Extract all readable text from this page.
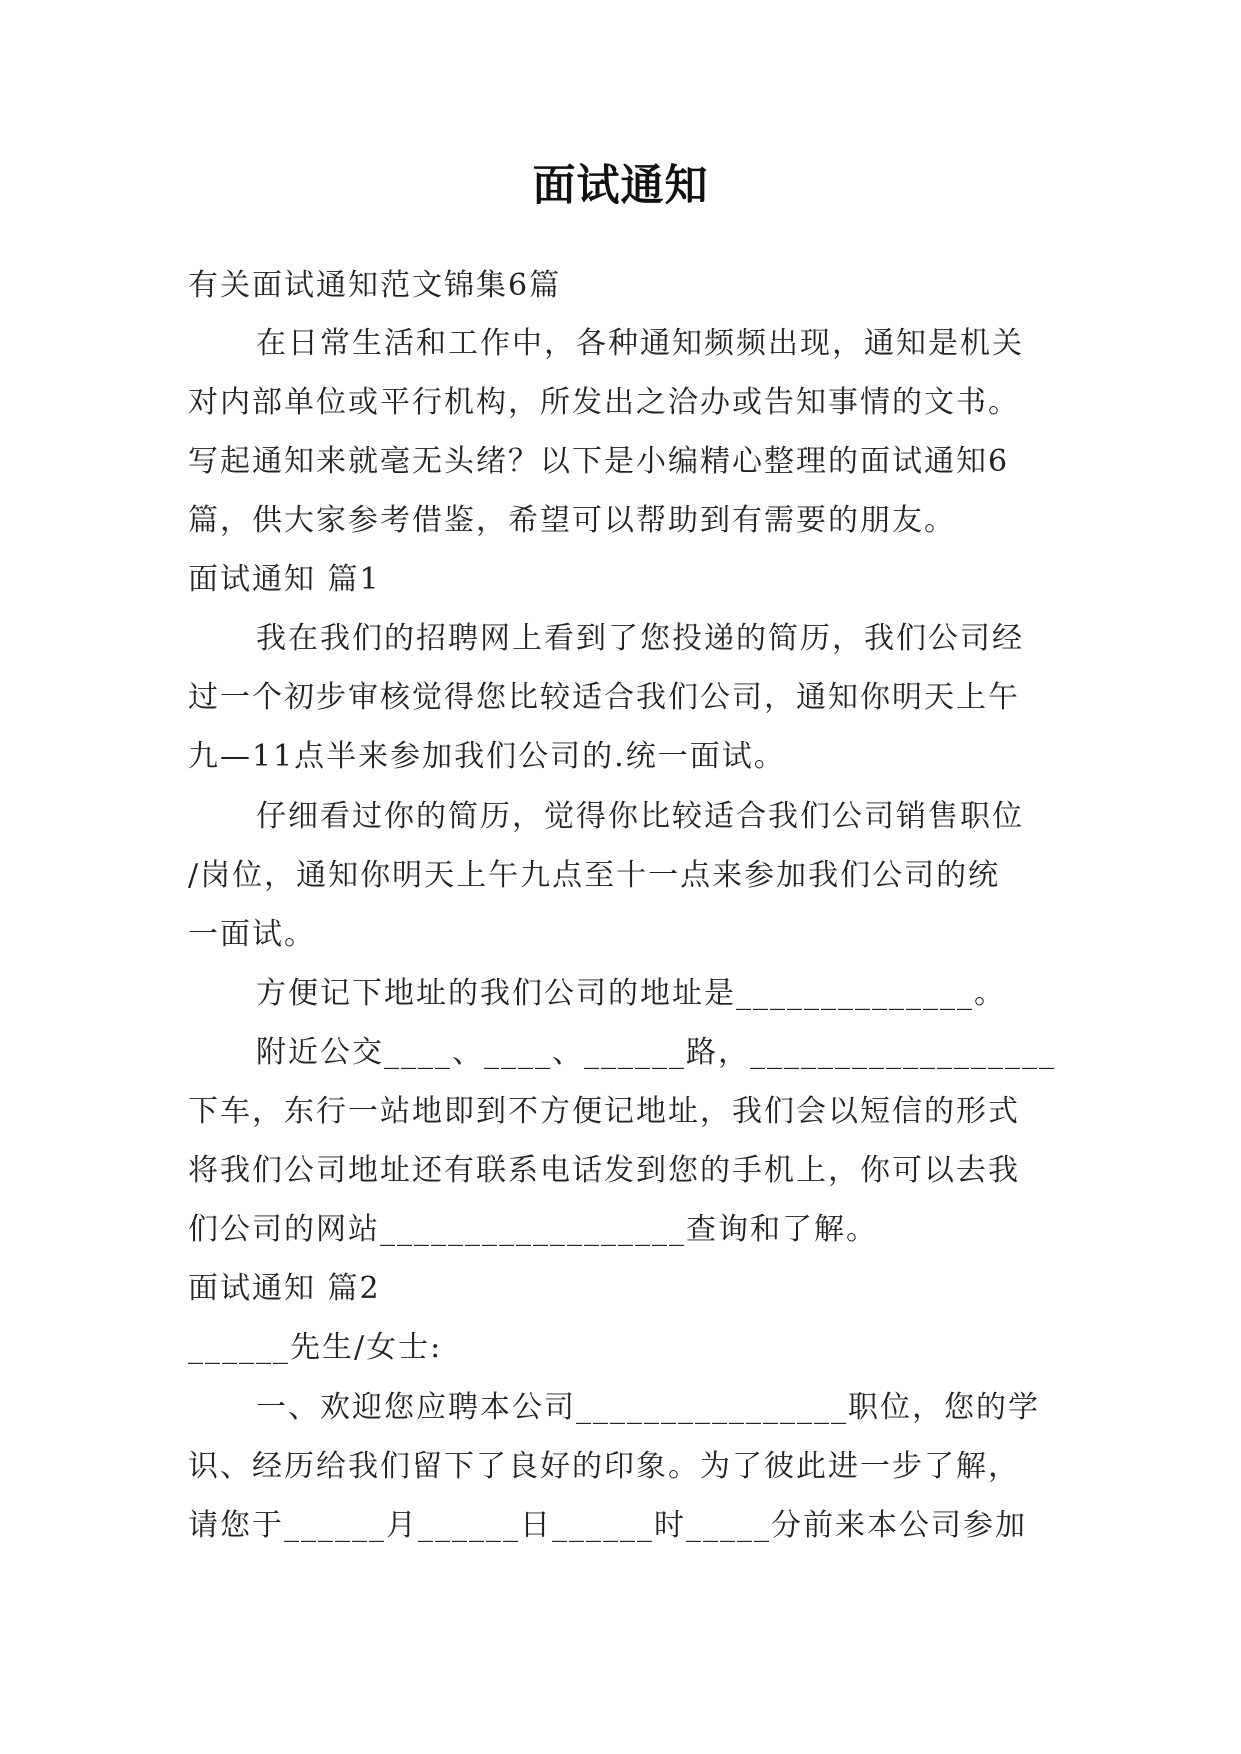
面试通知
有关面试通知范文锦集6篇
在日常生活和工作中，各种通知频频出现，通知是机关
对内部单位或平行机构，所发出之洽办或告知事情的文书。
写起通知来就毫无头绪？以下是小编精心整理的面试通知6
篇，供大家参考借鉴，希望可以帮助到有需要的朋友。
面试通知 篇1
我在我们的招聘网上看到了您投递的简历，我们公司经
过一个初步审核觉得您比较适合我们公司，通知你明天上午
九—11点半来参加我们公司的.统一面试。
仔细看过你的简历，觉得你比较适合我们公司销售职位
/岗位，通知你明天上午九点至十一点来参加我们公司的统
一面试。
方便记下地址的我们公司的地址是______________。
附近公交____、____、______路，__________________
下车，东行一站地即到不方便记地址，我们会以短信的形式
将我们公司地址还有联系电话发到您的手机上，你可以去我
们公司的网站__________________查询和了解。
面试通知 篇2
______先生/女士:
一、欢迎您应聘本公司________________职位，您的学
识、经历给我们留下了良好的印象。为了彼此进一步了解，
请您于______月______日______时_____分前来本公司参加
